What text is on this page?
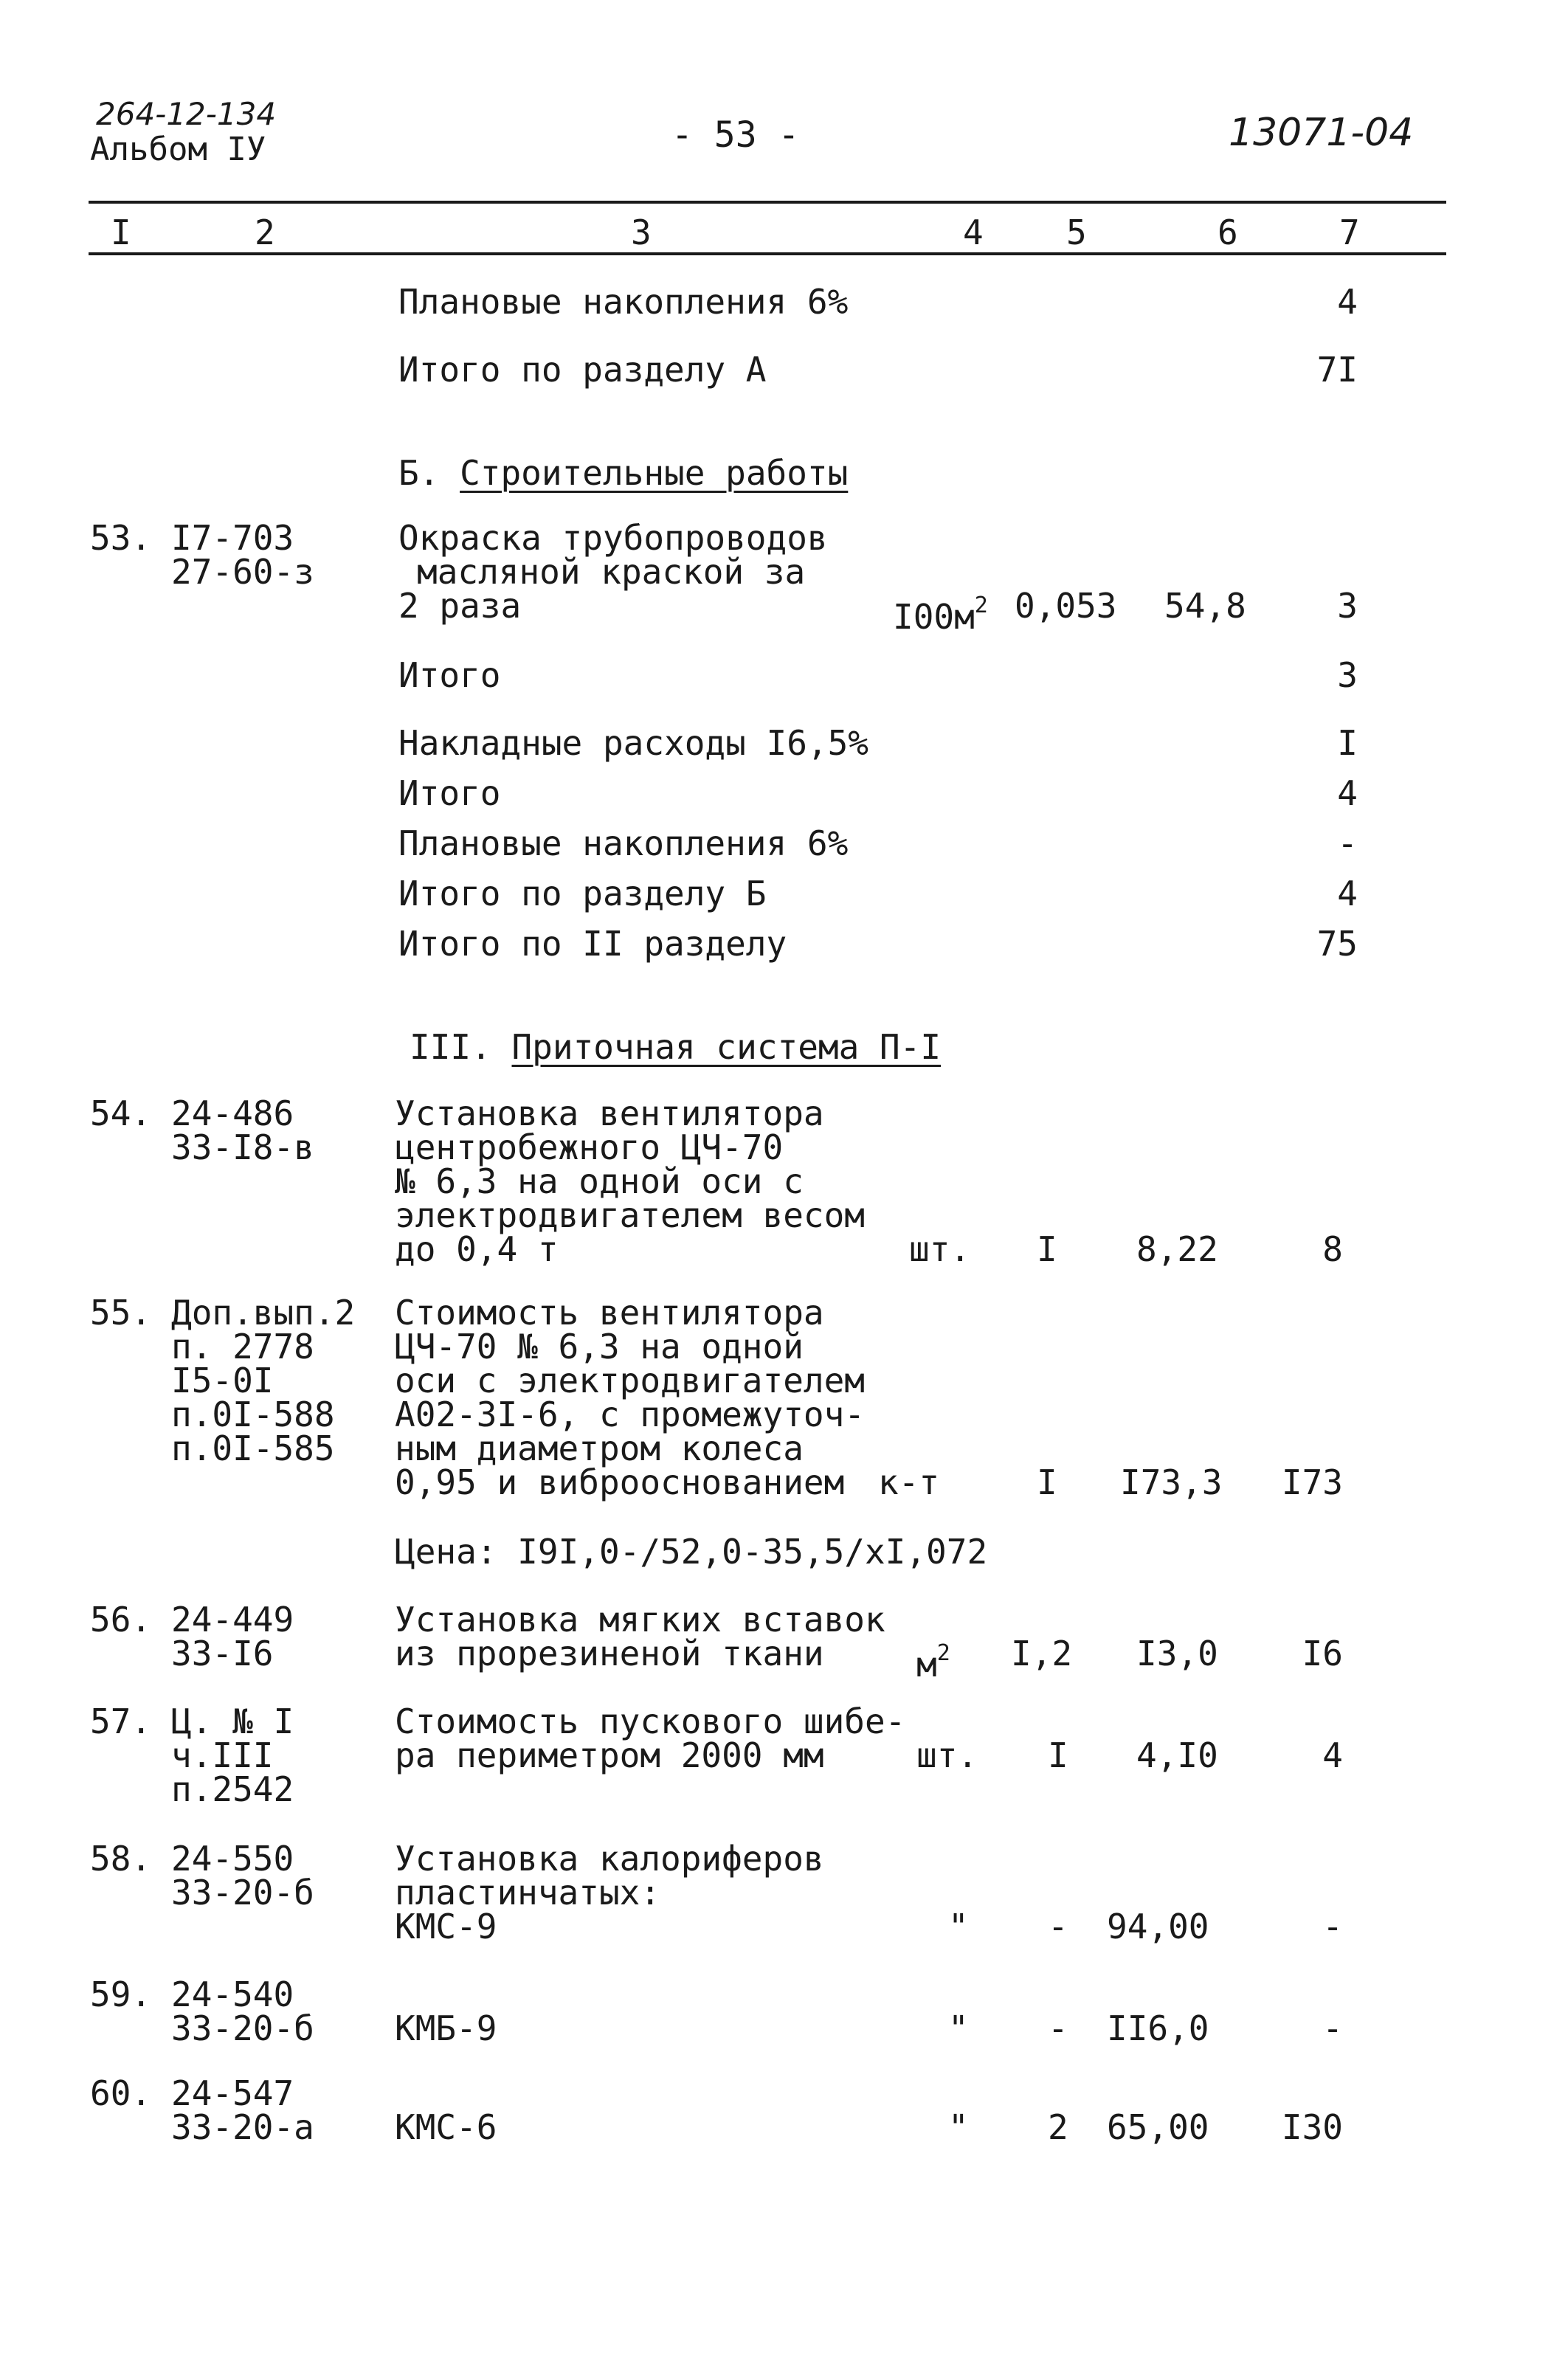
264-12-134
Альбом IУ	- 53 -	13071-04
I	2	3	4 5	6	7
Плановые накопления 6%	4
Итого по разделу А	7I
Б. Строительные работы
53. I7-703
27-60-з
Окраска трубопроводов
масляной краской за
2 раза	$I00м^2$ 0,053 54,8	3
Итого	3
Накладные расходы I6,5%	I
Итого	4
Плановые накопления 6%	-
Итого по разделу Б	4
Итого по II разделу	75
III. Приточная система П-I
54. 24-486
33-I8-в
Установка вентилятора
центробежного ЦЧ-70
№ 6,3 на одной оси с
электродвигателем весом
до 0,4 т	шт. I 8,22	8
55. Доп.вып.2
п. 2778
I5-0I
п.0I-588
п.0I-585
Стоимость вентилятора
ЦЧ-70 № 6,3 на одной
оси с электродвигателем
А02-3I-6, с промежуточ-
ным диаметром колеса
0,95 и виброоснованием к-т	I I73,3	I73
Цена: I9I,0-/52,0-35,5/хI,072
56. 24-449
33-I6
Установка мягких вставок
из прорезиненой ткани	$м^2$ I,2 I3,0	I6
57. Ц. № I
ч.III
п.2542
Стоимость пускового шибе-
ра периметром 2000 мм	шт. I 4,I0	4
58. 24-550
33-20-б
Установка калориферов
пластинчатых:
КМС-9	" - 94,00	-
59. 24-540
33-20-б КМБ-9	" - II6,0	-
60. 24-547
33-20-а КМС-6	" 2 65,00	I30
